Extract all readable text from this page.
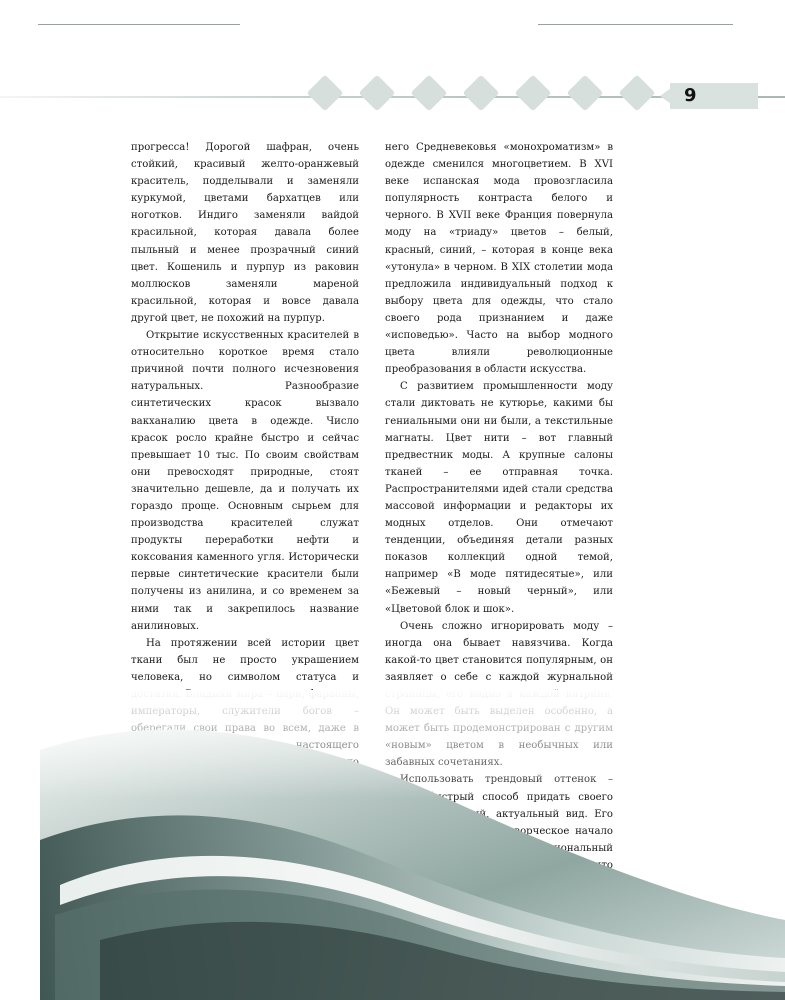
9

прогресса! Дорогой шафран, очень стойкий, красивый желто-оранжевый краситель, подделывали и заменяли куркумой, цветами бархатцев или ноготков. Индиго заменяли вайдой красильной, которая давала более пыльный и менее прозрачный синий цвет. Кошениль и пурпур из раковин моллюсков заменяли мареной красильной, которая и вовсе давала другой цвет, не похожий на пурпур.

Открытие искусственных красителей в относительно короткое время стало причиной почти полного исчезновения натуральных. Разнообразие синтетических красок вызвало вакханалию цвета в одежде. Число красок росло крайне быстро и сейчас превышает 10 тыс. По своим свойствам они превосходят природные, стоят значительно дешевле, да и получать их гораздо проще. Основным сырьем для производства красителей служат продукты переработки нефти и коксования каменного угля. Исторически первые синтетические красители были получены из анилина, и со временем за ними так и закрепилось название анилиновых.

На протяжении всей истории цвет ткани был не просто украшением человека, но символом статуса и

него Средневековья «монохроматизм» в одежде сменился многоцветием. В XVI веке испанская мода провозгласила популярность контраста белого и черного. В XVII веке Франция повернула моду на «триаду» цветов – белый, красный, синий, – которая в конце века «утонула» в черном. В XIX столетии мода предложила индивидуальный подход к выбору цвета для одежды, что стало своего рода признанием и даже «исповедью». Часто на выбор модного цвета влияли революционные преобразования в области искусства.

С развитием промышленности моду стали диктовать не кутюрье, какими бы гениальными они ни были, а текстильные магнаты. Цвет нити – вот главный предвестник моды. А крупные салоны тканей – ее отправная точка. Распространителями идей стали средства массовой информации и редакторы их модных отделов. Они отмечают тенденции, объединяя детали разных показов коллекций одной темой, например «В моде пятидесятые», или «Бежевый – новый черный», или «Цветовой блок и шок».

Очень сложно игнорировать моду – иногда она бывает навязчива. Когда какой-то цвет становится популярным, он заявляет о себе с каждой журнальной
